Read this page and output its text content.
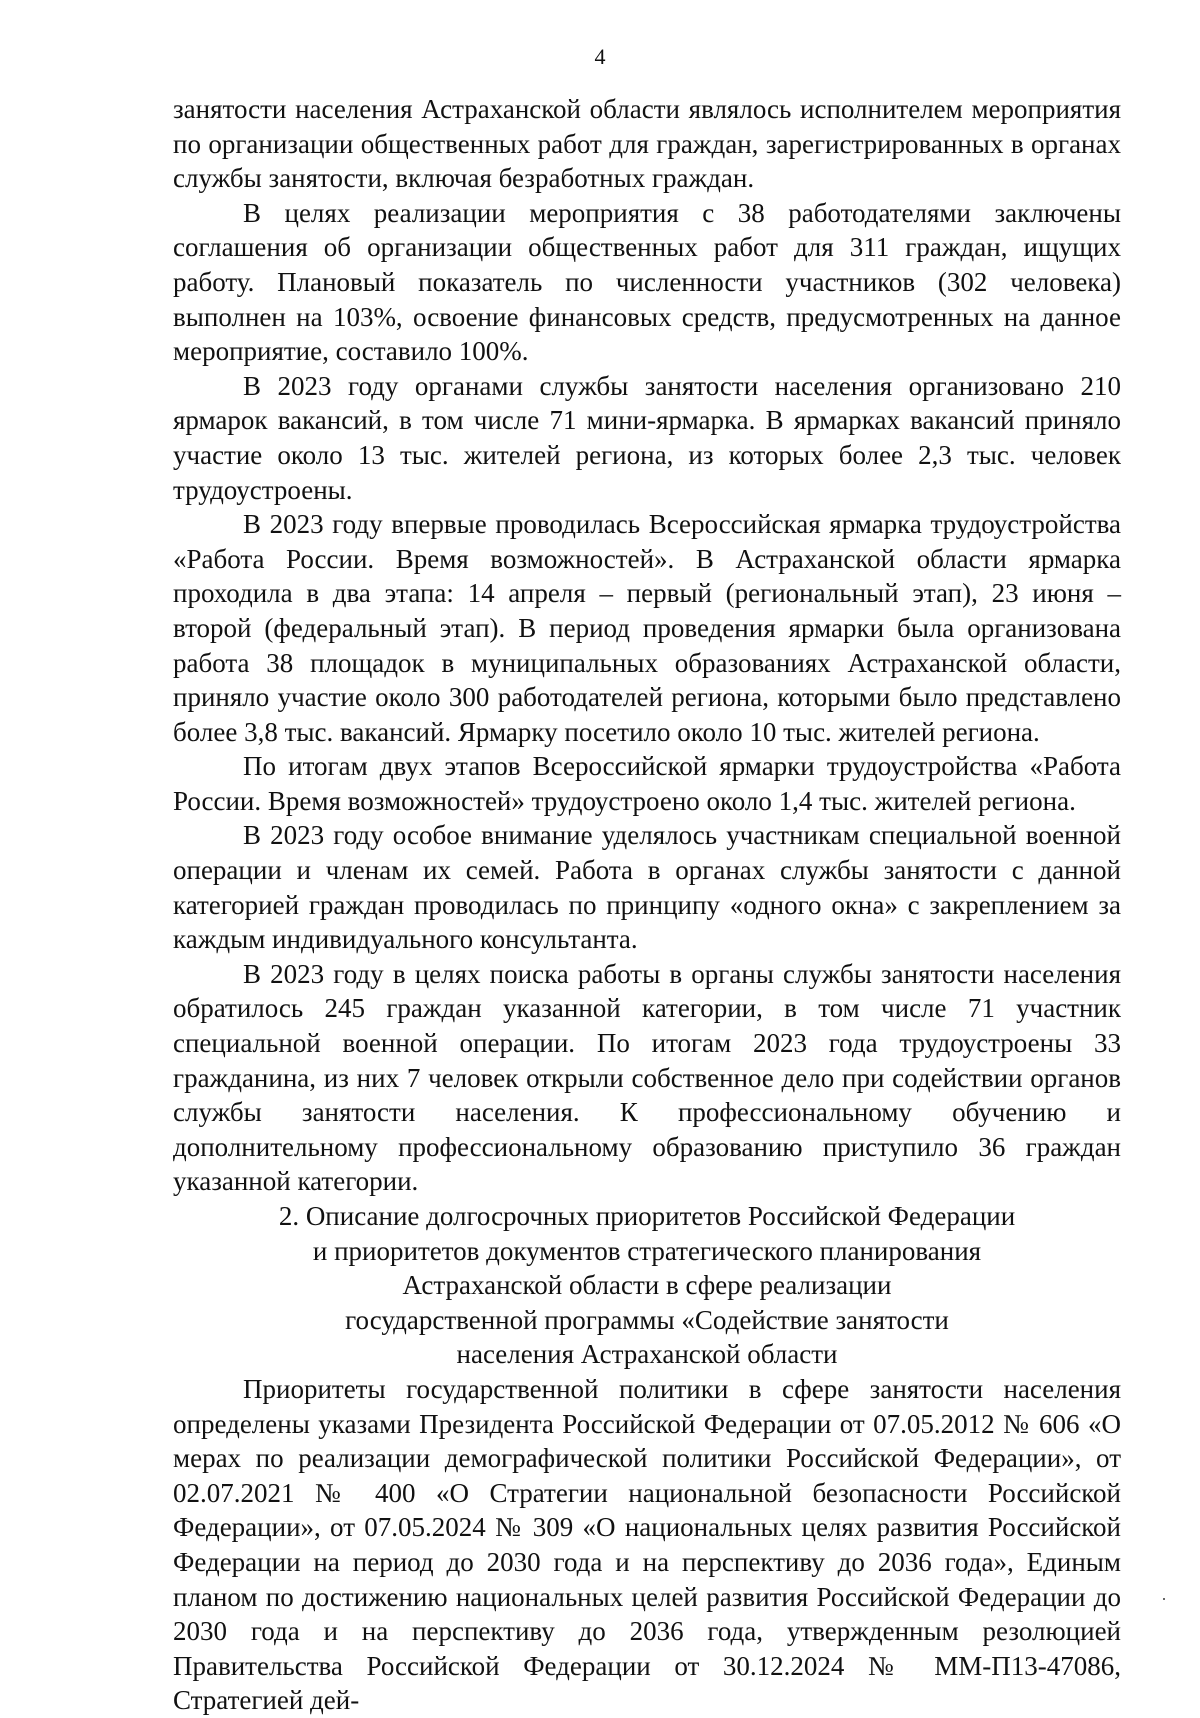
4

занятости населения Астраханской области являлось исполнителем мероприятия по организации общественных работ для граждан, зарегистрированных в органах службы занятости, включая безработных граждан.

В целях реализации мероприятия с 38 работодателями заключены соглашения об организации общественных работ для 311 граждан, ищущих работу. Плановый показатель по численности участников (302 человека) выполнен на 103%, освоение финансовых средств, предусмотренных на данное мероприятие, составило 100%.

В 2023 году органами службы занятости населения организовано 210 ярмарок вакансий, в том числе 71 мини-ярмарка. В ярмарках вакансий приняло участие около 13 тыс. жителей региона, из которых более 2,3 тыс. человек трудоустроены.

В 2023 году впервые проводилась Всероссийская ярмарка трудоустройства «Работа России. Время возможностей». В Астраханской области ярмарка проходила в два этапа: 14 апреля – первый (региональный этап), 23 июня – второй (федеральный этап). В период проведения ярмарки была организована работа 38 площадок в муниципальных образованиях Астраханской области, приняло участие около 300 работодателей региона, которыми было представлено более 3,8 тыс. вакансий. Ярмарку посетило около 10 тыс. жителей региона.

По итогам двух этапов Всероссийской ярмарки трудоустройства «Работа России. Время возможностей» трудоустроено около 1,4 тыс. жителей региона.

В 2023 году особое внимание уделялось участникам специальной военной операции и членам их семей. Работа в органах службы занятости с данной категорией граждан проводилась по принципу «одного окна» с закреплением за каждым индивидуального консультанта.

В 2023 году в целях поиска работы в органы службы занятости населения обратилось 245 граждан указанной категории, в том числе 71 участник специальной военной операции. По итогам 2023 года трудоустроены 33 гражданина, из них 7 человек открыли собственное дело при содействии органов службы занятости населения. К профессиональному обучению и дополнительному профессиональному образованию приступило 36 граждан указанной категории.

2. Описание долгосрочных приоритетов Российской Федерации
и приоритетов документов стратегического планирования
Астраханской области в сфере реализации
государственной программы «Содействие занятости
населения Астраханской области

Приоритеты государственной политики в сфере занятости населения определены указами Президента Российской Федерации от 07.05.2012 № 606 «О мерах по реализации демографической политики Российской Федерации», от 02.07.2021 № 400 «О Стратегии национальной безопасности Российской Федерации», от 07.05.2024 № 309 «О национальных целях развития Российской Федерации на период до 2030 года и на перспективу до 2036 года», Единым планом по достижению национальных целей развития Российской Федерации до 2030 года и на перспективу до 2036 года, утвержденным резолюцией Правительства Российской Федерации от 30.12.2024 № ММ-П13-47086, Стратегией дей-
